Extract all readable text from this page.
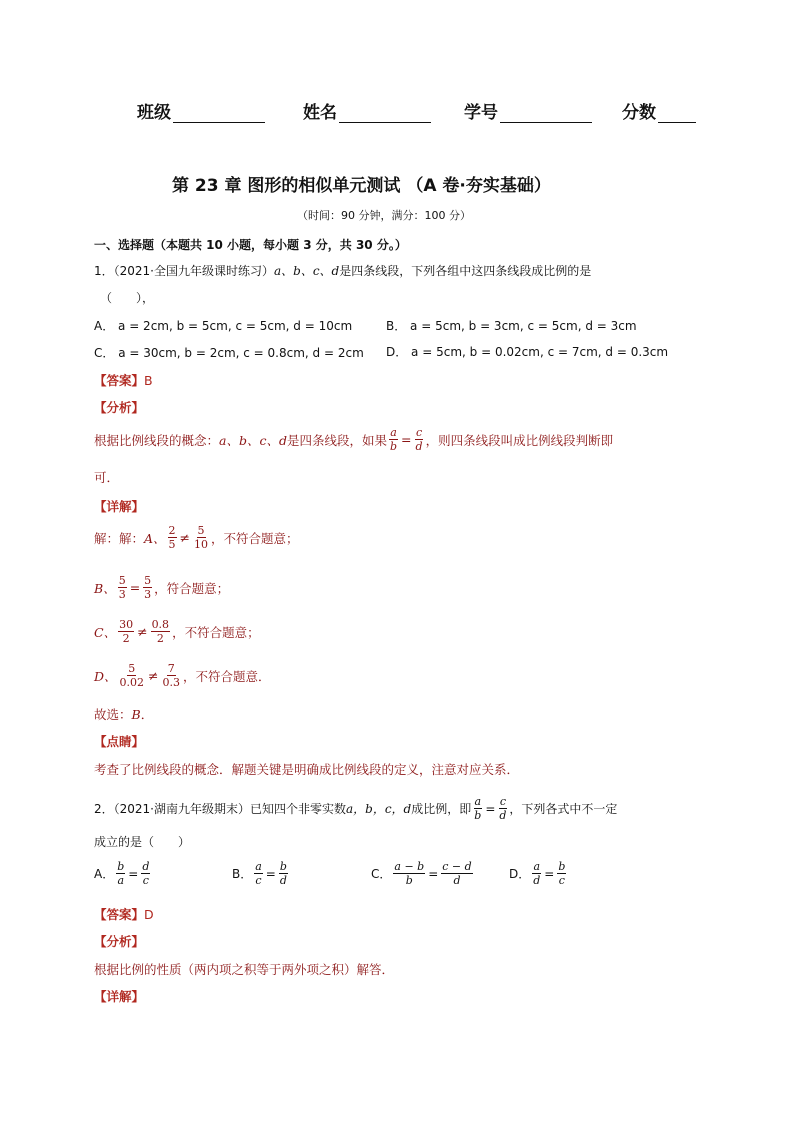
班级	姓名	学号	分数
第 23 章 图形的相似单元测试 （A 卷·夯实基础）
（时间：90 分钟，满分：100 分）
一、选择题（本题共 10 小题，每小题 3 分，共 30 分。）
1．（2021·全国九年级课时练习）a、b、c、d是四条线段，下列各组中这四条线段成比例的是
（　　），
A． a = 2cm, b = 5cm, c = 5cm, d = 10cm	B． a = 5cm, b = 3cm, c = 5cm, d = 3cm
C． a = 30cm, b = 2cm, c = 0.8cm, d = 2cm D． a = 5cm, b = 0.02cm, c = 7cm, d = 0.3cm
【答案】B
【分析】
根据比例线段的概念： a、b、c、d 是四条线段，如果 $\frac{a}{b} = \frac{c}{d}$ ，则四条线段叫成比例线段判断即
可．
【详解】
解：解： A、 $\frac{2}{5} \ne \frac{5}{10}$ ，不符合题意；
B、 $\frac{5}{3} = \frac{5}{3}$ ，符合题意；
C、 $\frac{30}{2} \ne \frac{0.8}{2}$ ，不符合题意；
D、 $\frac{5}{0.02} \ne \frac{7}{0.3}$ ，不符合题意．
故选：B．
【点睛】
考查了比例线段的概念．解题关键是明确成比例线段的定义，注意对应关系．
2．（2021·湖南九年级期末）已知四个非零实数 a，b，c，d 成比例，即 $\frac{a}{b} = \frac{c}{d}$ ，下列各式中不一定
成立的是（　　）
A． $\frac{b}{a} = \frac{d}{c}$	B． $\frac{a}{c} = \frac{b}{d}$	C． $\frac{a - b}{b} = \frac{c - d}{d}$	D． $\frac{a}{d} = \frac{b}{c}$
【答案】D
【分析】
根据比例的性质（两内项之积等于两外项之积）解答．
【详解】
